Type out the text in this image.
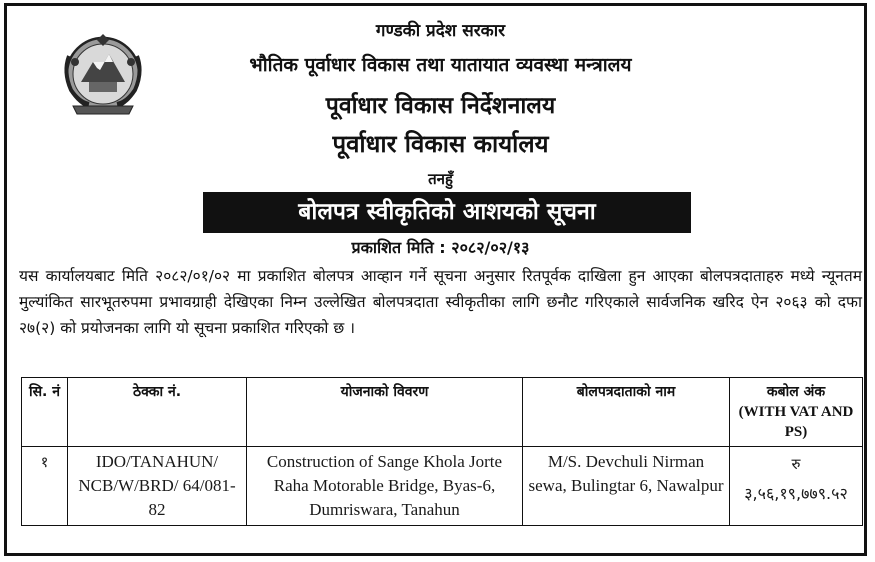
गण्डकी प्रदेश सरकार
भौतिक पूर्वाधार विकास तथा यातायात व्यवस्था मन्त्रालय
पूर्वाधार विकास निर्देशनालय
पूर्वाधार विकास कार्यालय
तनहुँ
बोलपत्र स्वीकृतिको आशयको सूचना
प्रकाशित मिति : २०८२/०२/१३

यस कार्यालयबाट मिति २०८२/०१/०२ मा प्रकाशित बोलपत्र आव्हान गर्ने सूचना अनुसार रितपूर्वक दाखिला हुन आएका बोलपत्रदाताहरु मध्ये न्यूनतम मुल्यांकित सारभूतरुपमा प्रभावग्राही देखिएका निम्न उल्लेखित बोलपत्रदाता स्वीकृतीका लागि छनौट गरिएकाले सार्वजनिक खरिद ऐन २०६३ को दफा २७(२) को प्रयोजनका लागि यो सूचना प्रकाशित गरिएको छ ।

सि. नं	ठेक्का नं.	योजनाको विवरण	बोलपत्रदाताको नाम	कबोल अंक
(WITH VAT AND PS)

१	IDO/TANAHUN/ NCB/W/BRD/ 64/081-82	Construction of Sange Khola Jorte Raha Motorable Bridge, Byas-6, Dumriswara, Tanahun	M/S. Devchuli Nirman sewa, Bulingtar 6, Nawalpur	रु
३,५६,१९,७७९.५२
